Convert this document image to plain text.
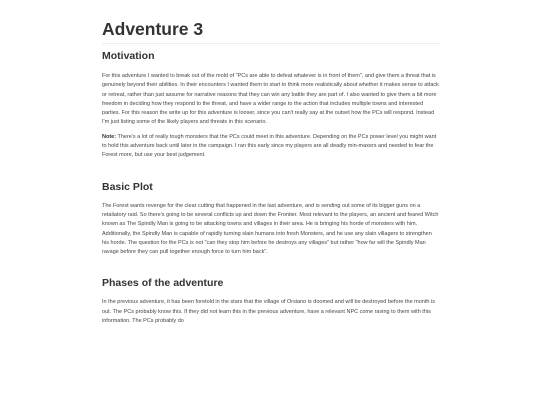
Adventure 3
Motivation

For this adventure I wanted to break out of the mold of "PCs are able to defeat whatever is in front of them", and give them a threat that is genuinely beyond their abilities. In their encounters I wanted them to start to think more realistically about whether it makes sense to attack or retreat, rather than just assume for narrative reasons that they can win any battle they are part of. I also wanted to give them a bit more freedom in deciding how they respond to the threat, and have a wider range to the action that includes multiple towns and interested parties. For this reason the write up for this adventure is looser, since you can't really say at the outset how the PCs will respond. Instead I'm just listing some of the likely players and threats in this scenario.

Note: There's a lot of really tough monsters that the PCs could meet in this adventure. Depending on the PCs power level you might want to hold this adventure back until later in the campaign. I ran this early since my players are all deadly min-maxers and needed to fear the Forest more, but use your best judgement.

Basic Plot

The Forest wants revenge for the clear cutting that happened in the last adventure, and is sending out some of its bigger guns on a retaliatory raid. So there's going to be several conflicts up and down the Frontier. Most relevant to the players, an ancient and feared Witch known as The Spindly Man is going to be attacking towns and villages in their area. He is bringing his horde of monsters with him. Additionally, the Spindly Man is capable of rapidly turning slain humans into fresh Monsters, and he use any slain villagers to strengthen his horde. The question for the PCs is not "can they stop him before he destroys any villages" but rather "how far will the Spindly Man ravage before they can pull together enough force to turn him back".

Phases of the adventure

In the previous adventure, it has been foretold in the stars that the village of Orsiano is doomed and will be destroyed before the month is out. The PCs probably know this. If they did not learn this in the previous adventure, have a relevant NPC come raving to them with this information. The PCs probably do
